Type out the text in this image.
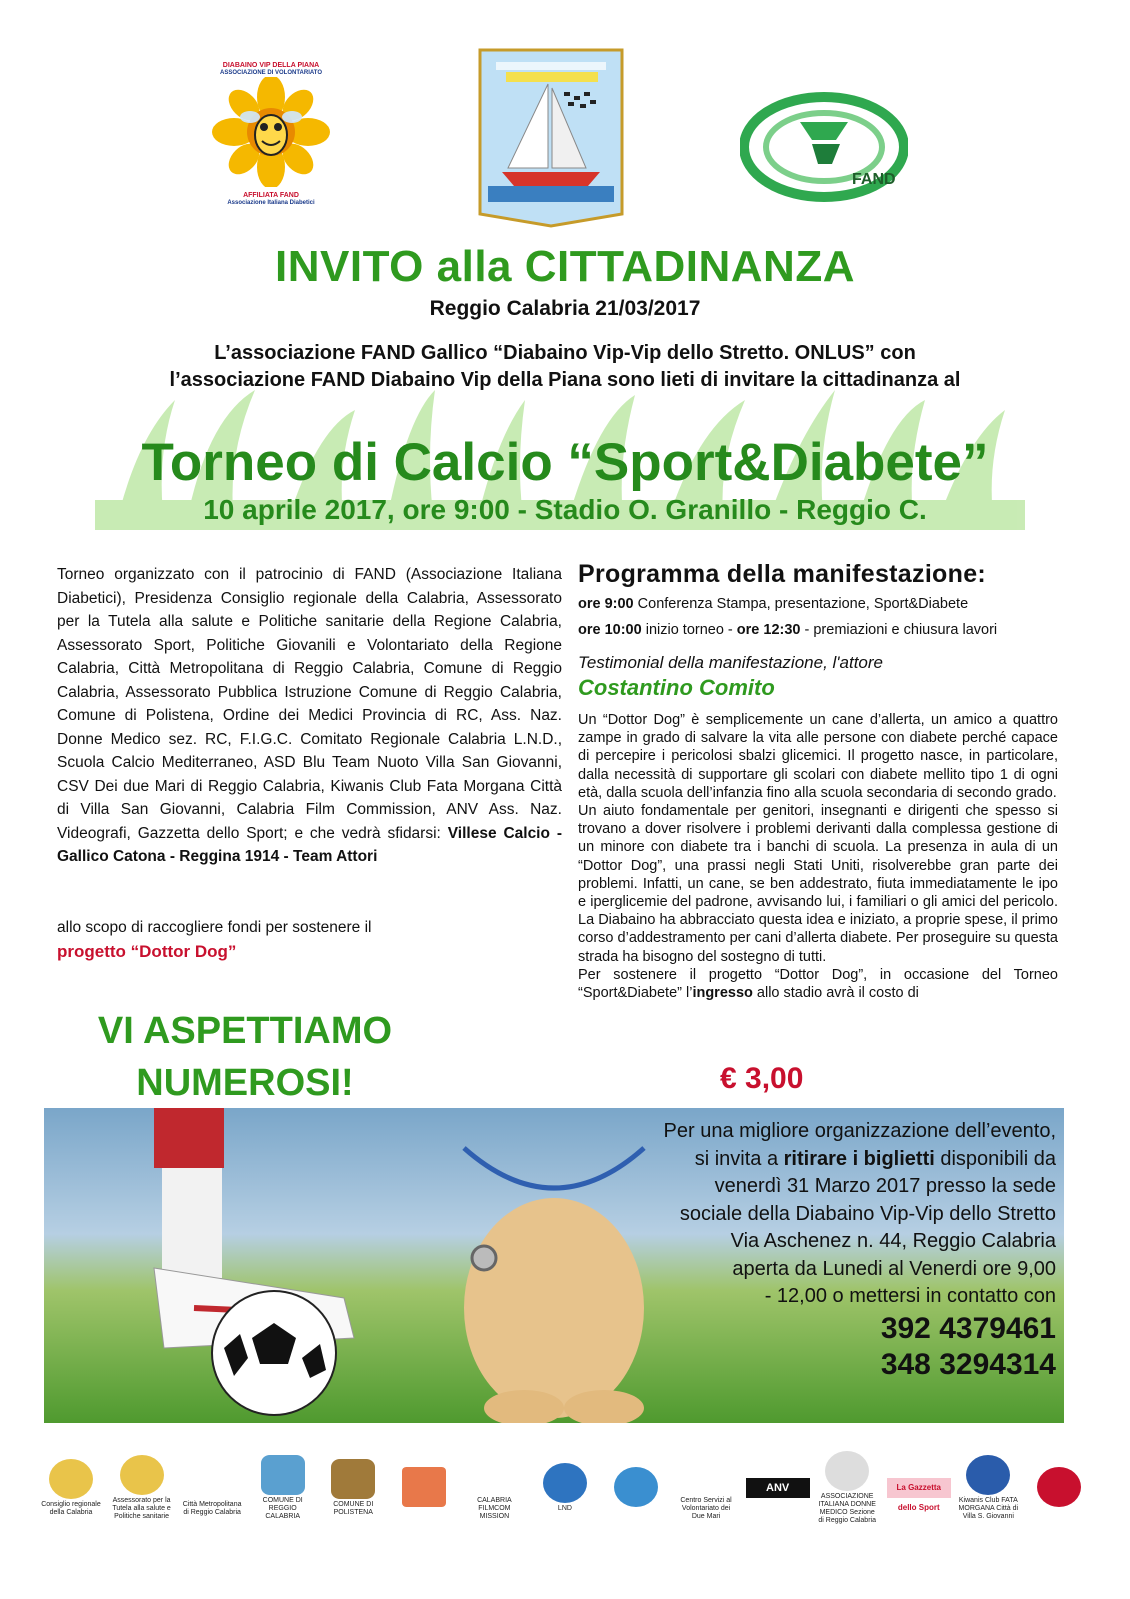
DIABAINO VIP DELLA PIANA
ASSOCIAZIONE DI VOLONTARIATO
AFFILIATA FAND
Associazione Italiana Diabetici
FAND
INVITO alla CITTADINANZA
Reggio Calabria 21/03/2017
L’associazione FAND Gallico “Diabaino Vip-Vip dello Stretto. ONLUS” con
l’associazione FAND Diabaino Vip della Piana sono lieti di invitare la cittadinanza al
Torneo di Calcio “Sport&Diabete”
10 aprile 2017, ore 9:00 - Stadio O. Granillo - Reggio C.
Torneo organizzato con il patrocinio di FAND (Associazione Italiana Diabetici), Presidenza Consiglio regionale della Calabria, Assessorato per la Tutela alla salute e Politiche sanitarie della Regione Calabria, Assessorato Sport, Politiche Giovanili e Volontariato della Regione Calabria, Città Metropolitana di Reggio Calabria, Comune di Reggio Calabria, Assessorato Pubblica Istruzione Comune di Reggio Calabria, Comune di Polistena, Ordine dei Medici Provincia di RC, Ass. Naz. Donne Medico sez. RC, F.I.G.C. Comitato Regionale Calabria L.N.D., Scuola Calcio Mediterraneo, ASD Blu Team Nuoto Villa San Giovanni, CSV Dei due Mari di Reggio Calabria, Kiwanis Club Fata Morgana Città di Villa San Giovanni, Calabria Film Commission, ANV Ass. Naz. Videografi, Gazzetta dello Sport; e che vedrà sfidarsi: Villese Calcio - Gallico Catona - Reggina 1914 - Team Attori
allo scopo di raccogliere fondi per sostenere il
progetto “Dottor Dog”
VI ASPETTIAMO
NUMEROSI!
Programma della manifestazione:
ore 9:00 Conferenza Stampa, presentazione, Sport&Diabete
ore 10:00 inizio torneo - ore 12:30 - premiazioni e chiusura lavori
Testimonial della manifestazione, l'attore
Costantino Comito
Un “Dottor Dog” è semplicemente un cane d’allerta, un amico a quattro zampe in grado di salvare la vita alle persone con diabete perché capace di percepire i pericolosi sbalzi glicemici. Il progetto nasce, in particolare, dalla necessità di supportare gli scolari con diabete mellito tipo 1 di ogni età, dalla scuola dell’infanzia fino alla scuola secondaria di secondo grado.
Un aiuto fondamentale per genitori, insegnanti e dirigenti che spesso si trovano a dover risolvere i problemi derivanti dalla complessa gestione di un minore con diabete tra i banchi di scuola. La presenza in aula di un “Dottor Dog”, una prassi negli Stati Uniti, risolverebbe gran parte dei problemi. Infatti, un cane, se ben addestrato, fiuta immediatamente le ipo e iperglicemie del padrone, avvisando lui, i familiari o gli amici del pericolo. La Diabaino ha abbracciato questa idea e iniziato, a proprie spese, il primo corso d’addestramento per cani d’allerta diabete. Per proseguire su questa strada ha bisogno del sostegno di tutti.
Per sostenere il progetto “Dottor Dog”, in occasione del Torneo “Sport&Diabete” l’ingresso allo stadio avrà il costo di
Per una migliore organizzazione dell’evento,
si invita a ritirare i biglietti disponibili da
venerdì 31 Marzo 2017 presso la sede
sociale della Diabaino Vip-Vip dello Stretto
Via Aschenez n. 44, Reggio Calabria
aperta da Lunedi al Venerdi ore 9,00
- 12,00 o mettersi in contatto con
392 4379461
348 3294314
€ 3,00
Consiglio regionale della Calabria
Assessorato per la Tutela alla salute e Politiche sanitarie
Città Metropolitana di Reggio Calabria
COMUNE DI REGGIO CALABRIA
COMUNE DI POLISTENA
CALABRIA FILMCOM MISSION
LND
Centro Servizi al Volontariato dei Due Mari
ANV
ASSOCIAZIONE ITALIANA DONNE MEDICO Sezione di Reggio Calabria
La Gazzetta dello Sport
Kiwanis Club FATA MORGANA Città di Villa S. Giovanni
